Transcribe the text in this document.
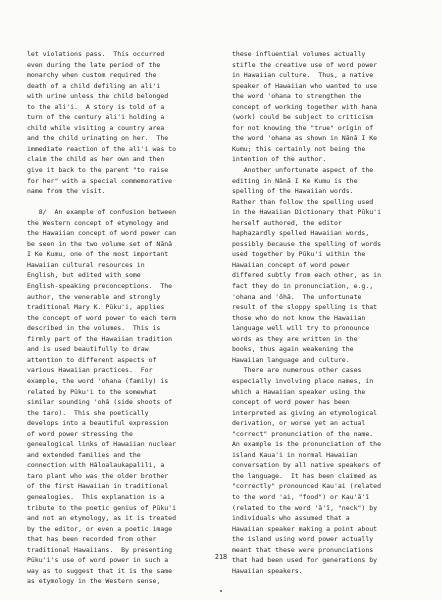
let violations pass.  This occurred
even during the late period of the
monarchy when custom required the
death of a child defiling an ali'i
with urine unless the child belonged
to the ali'i.  A story is told of a
turn of the century ali'i holding a
child while visiting a country area
and the child urinating on her.  The
immediate reaction of the ali'i was to
claim the child as her own and then
give it back to the parent "to raise
for her" with a special commemorative
name from the visit.

8/  An example of confusion between
the Western concept of etymology and
the Hawaiian concept of word power can
be seen in the two volume set of Nānā
I Ke Kumu, one of the most important
Hawaiian cultural resources in
English, but edited with some
English-speaking preconceptions.  The
author, the venerable and strongly
traditional Mary K. Pūku'i, applies
the concept of word power to each term
described in the volumes.  This is
firmly part of the Hawaiian tradition
and is used beautifully to draw
attention to different aspects of
various Hawaiian practices.  For
example, the word 'ohana (family) is
related by Pūku'i to the somewhat
similar sounding 'ohā (side shoots of
the taro).  This she poetically
develops into a beautiful expression
of word power stressing the
genealogical links of Hawaiian nuclear
and extended families and the
connection with Hāloalaukapalili, a
taro plant who was the older brother
of the first Hawaiian in traditional
genealogies.  This explanation is a
tribute to the poetic genius of Pūku'i
and not an etymology, as it is treated
by the editor, or even a poetic image
that has been recorded from other
traditional Hawaiians.  By presenting
Pūku'i's use of word power in such a
way as to suggest that it is the same
as etymology in the Western sense,
these influential volumes actually
stifle the creative use of word power
in Hawaiian culture.  Thus, a native
speaker of Hawaiian who wanted to use
the word 'ohana to strengthen the
concept of working together with hana
(work) could be subject to criticism
for not knowing the "true" origin of
the word 'ohana as shown in Nānā I Ke
Kumu; this certainly not being the
intention of the author.
Another unfortunate aspect of the
editing in Nānā I Ke Kumu is the
spelling of the Hawaiian words.
Rather than follow the spelling used
in the Hawaiian Dictionary that Pūku'i
herself authored, the editor
haphazardly spelled Hawaiian words,
possibly because the spelling of words
used together by Pūku'i within the
Hawaiian concept of word power
differed subtly from each other, as in
fact they do in pronunciation, e.g.,
'ohana and 'ōhā.  The unfortunate
result of the sloppy spelling is that
those who do not know the Hawaiian
language well will try to pronounce
words as they are written in the
books, thus again weakening the
Hawaiian language and culture.
There are numerous other cases
especially involving place names, in
which a Hawaiian speaker using the
concept of word power has been
interpreted as giving an etymological
derivation, or worse yet an actual
"correct" pronunciation of the name.
An example is the pronunciation of the
island Kaua'i in normal Hawaiian
conversation by all native speakers of
the language.  It has been claimed as
"correctly" pronounced Kau'ai (related
to the word 'ai, "food") or Kau'ā'ī
(related to the word 'ā'ī, "neck") by
individuals who assumed that a
Hawaiian speaker making a point about
the island using word power actually
meant that these were pronunciations
that had been used for generations by
Hawaiian speakers.
218
